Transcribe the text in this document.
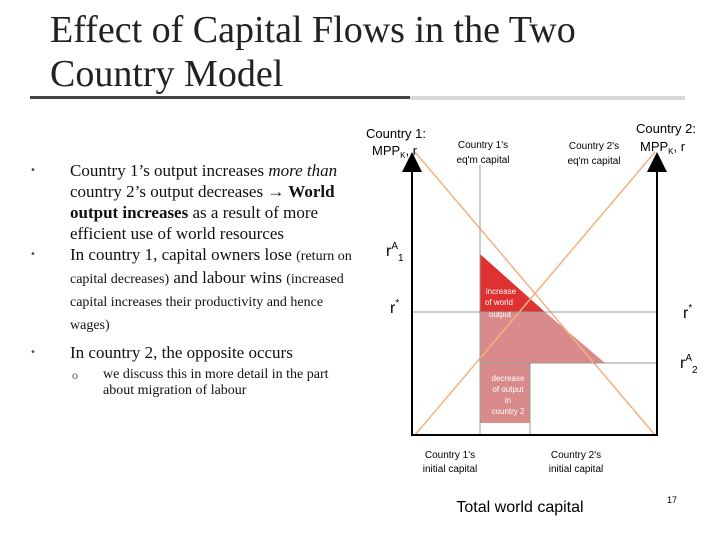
Effect of Capital Flows in the Two Country Model
• Country 1’s output increases more than country 2’s output decreases → World output increases as a result of more efficient use of world resources
• In country 1, capital owners lose (return on capital decreases) and labour wins (increased capital increases their productivity and hence wages)
• In country 2, the opposite occurs
o we discuss this in more detail in the part about migration of labour
Country 1:
$MPP_K$, r
Country 2:
$MPP_K$, r
Country 1's
eq'm capital
Country 2's
eq'm capital
$r^A_1$
r*
r*
$r^A_2$
increase
of world
output
decrease
of output
in
country 2
Country 1's
initial capital
Country 2's
initial capital
Total world capital	17
